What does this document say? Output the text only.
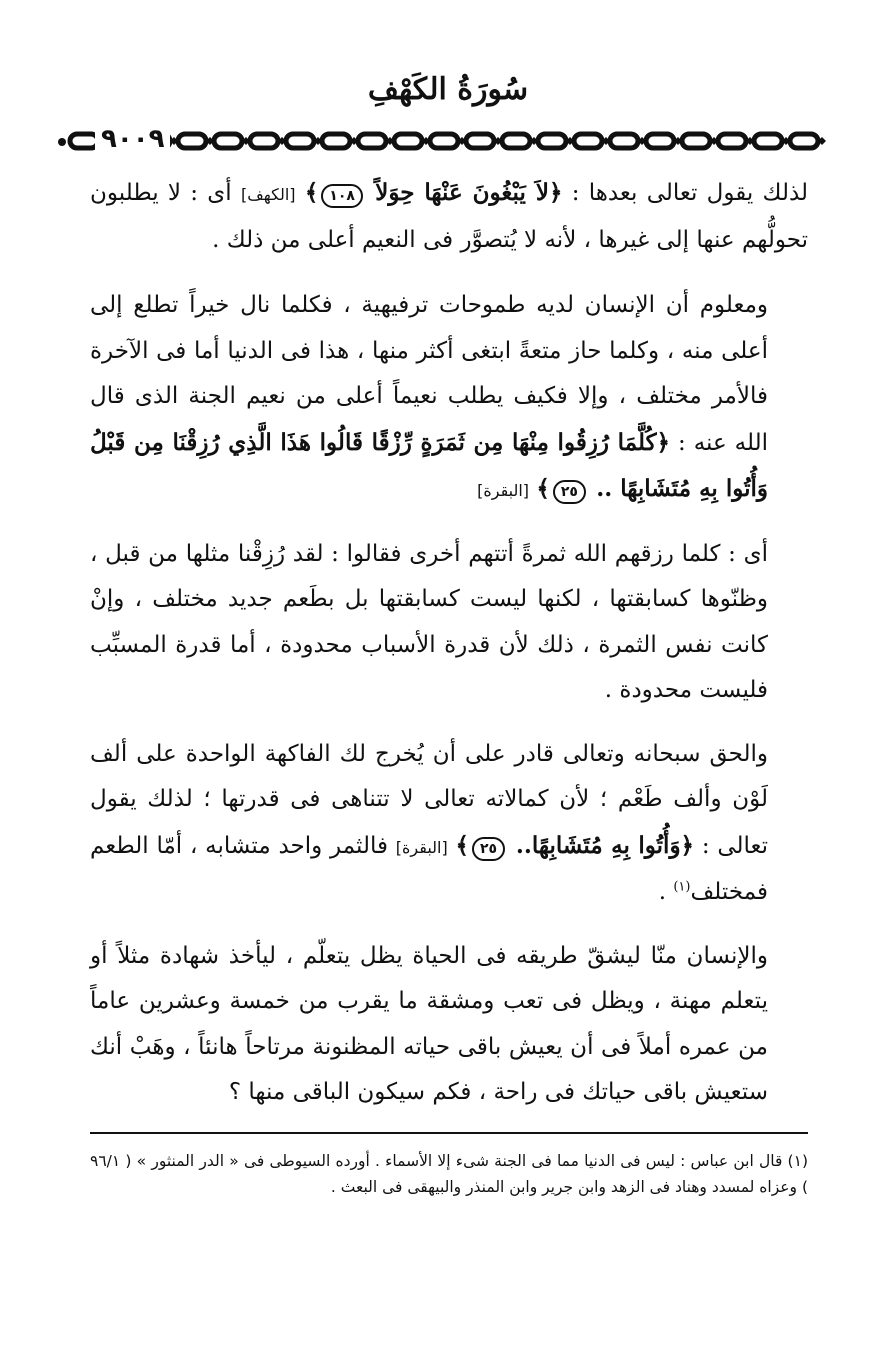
سُورَةُ الكَهْفِ
٩٠٠٩

لذلك يقول تعالى بعدها : ﴿لاَ يَبْغُونَ عَنْهَا حِوَلاً ١٠٨﴾ [الكهف] أى : لا يطلبون تحولُّهم عنها إلى غيرها ، لأنه لا يُتصوَّر فى النعيم أعلى من ذلك .

ومعلوم أن الإنسان لديه طموحات ترفيهية ، فكلما نال خيراً تطلع إلى أعلى منه ، وكلما حاز متعةً ابتغى أكثر منها ، هذا فى الدنيا أما فى الآخرة فالأمر مختلف ، وإلا فكيف يطلب نعيماً أعلى من نعيم الجنة الذى قال الله عنه : ﴿كُلَّمَا رُزِقُوا مِنْهَا مِن ثَمَرَةٍ رِّزْقًا قَالُوا هَذَا الَّذِي رُزِقْنَا مِن قَبْلُ وَأُتُوا بِهِ مُتَشَابِهًا .. ٢٥﴾ [البقرة]

أى : كلما رزقهم الله ثمرةً أتتهم أخرى فقالوا : لقد رُزِقْنا مثلها من قبل ، وظنّوها كسابقتها ، لكنها ليست كسابقتها بل بطَعم جديد مختلف ، وإنْ كانت نفس الثمرة ، ذلك لأن قدرة الأسباب محدودة ، أما قدرة المسبِّب فليست محدودة .

والحق سبحانه وتعالى قادر على أن يُخرج لك الفاكهة الواحدة على ألف لَوْن وألف طَعْم ؛ لأن كمالاته تعالى لا تتناهى فى قدرتها ؛ لذلك يقول تعالى : ﴿وَأُتُوا بِهِ مُتَشَابِهًا.. ٢٥﴾ [البقرة] فالثمر واحد متشابه ، أمّا الطعم فمختلف$^{(١)}$ .

والإنسان منّا ليشقّ طريقه فى الحياة يظل يتعلّم ، ليأخذ شهادة مثلاً أو يتعلم مهنة ، ويظل فى تعب ومشقة ما يقرب من خمسة وعشرين عاماً من عمره أملاً فى أن يعيش باقى حياته المظنونة مرتاحاً هانئاً ، وهَبْ أنك ستعيش باقى حياتك فى راحة ، فكم سيكون الباقى منها ؟

(١) قال ابن عباس : ليس فى الدنيا مما فى الجنة شىء إلا الأسماء . أورده السيوطى فى « الدر المنثور » ( ٩٦/١ ) وعزاه لمسدد وهناد فى الزهد وابن جرير وابن المنذر والبيهقى فى البعث .
